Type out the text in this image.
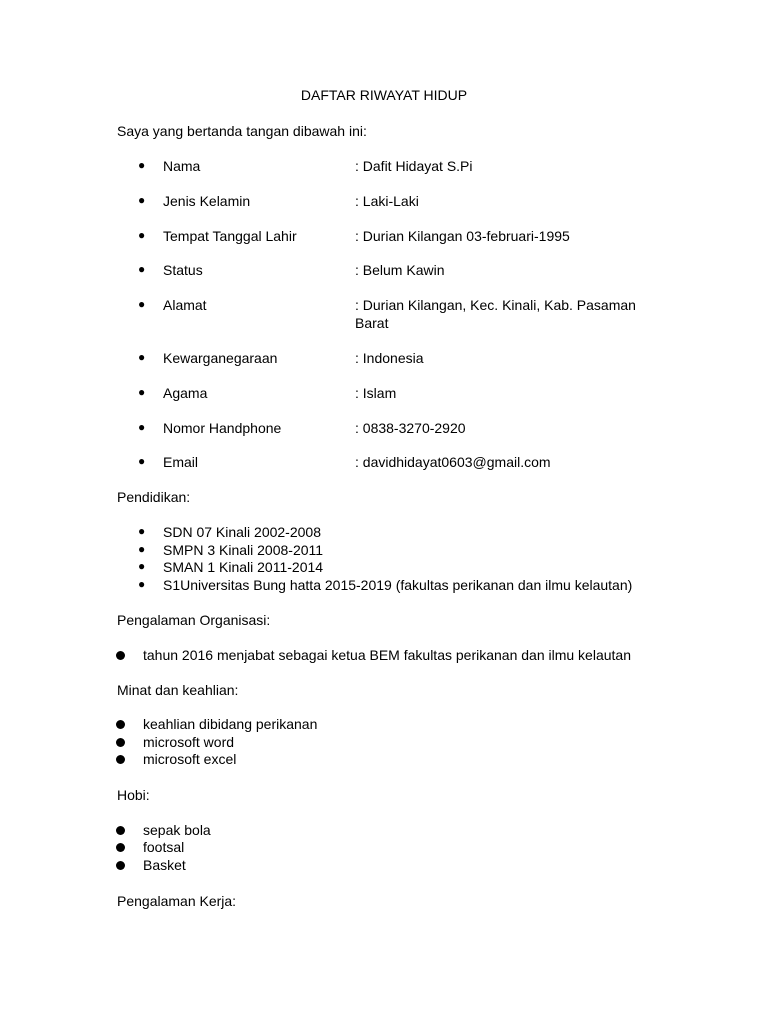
DAFTAR RIWAYAT HIDUP
Saya yang bertanda tangan dibawah ini:
● Nama	: Dafit Hidayat S.Pi
● Jenis Kelamin	: Laki-Laki
● Tempat Tanggal Lahir	: Durian Kilangan 03-februari-1995
● Status	: Belum Kawin
● Alamat	: Durian Kilangan, Kec. Kinali, Kab. Pasaman Barat
● Kewarganegaraan	: Indonesia
● Agama	: Islam
● Nomor Handphone	: 0838-3270-2920
● Email	: davidhidayat0603@gmail.com
Pendidikan:
● SDN 07 Kinali 2002-2008
● SMPN 3 Kinali 2008-2011
● SMAN 1 Kinali 2011-2014
● S1Universitas Bung hatta 2015-2019 (fakultas perikanan dan ilmu kelautan)
Pengalaman Organisasi:
tahun 2016 menjabat sebagai ketua BEM fakultas perikanan dan ilmu kelautan
Minat dan keahlian:
keahlian dibidang perikanan
microsoft word
microsoft excel
Hobi:
sepak bola
footsal
Basket
Pengalaman Kerja:
